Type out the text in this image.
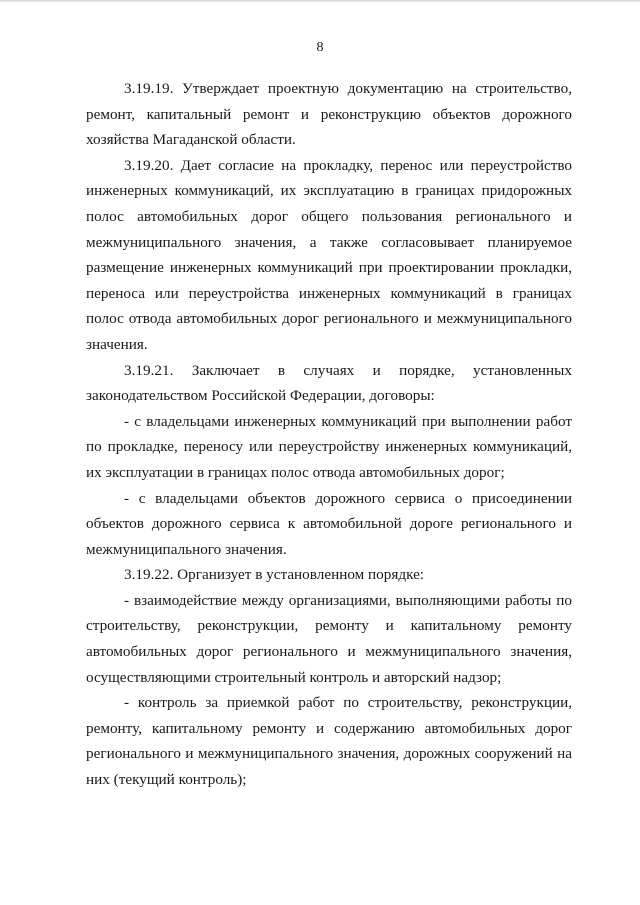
8

3.19.19. Утверждает проектную документацию на строительство, ремонт, капитальный ремонт и реконструкцию объектов дорожного хозяйства Магаданской области.

3.19.20. Дает согласие на прокладку, перенос или переустройство инженерных коммуникаций, их эксплуатацию в границах придорожных полос автомобильных дорог общего пользования регионального и межмуниципального значения, а также согласовывает планируемое размещение инженерных коммуникаций при проектировании прокладки, переноса или переустройства инженерных коммуникаций в границах полос отвода автомобильных дорог регионального и межмуниципального значения.

3.19.21. Заключает в случаях и порядке, установленных законодательством Российской Федерации, договоры:

- с владельцами инженерных коммуникаций при выполнении работ по прокладке, переносу или переустройству инженерных коммуникаций, их эксплуатации в границах полос отвода автомобильных дорог;

- с владельцами объектов дорожного сервиса о присоединении объектов дорожного сервиса к автомобильной дороге регионального и межмуниципального значения.

3.19.22. Организует в установленном порядке:

- взаимодействие между организациями, выполняющими работы по строительству, реконструкции, ремонту и капитальному ремонту автомобильных дорог регионального и межмуниципального значения, осуществляющими строительный контроль и авторский надзор;

- контроль за приемкой работ по строительству, реконструкции, ремонту, капитальному ремонту и содержанию автомобильных дорог регионального и межмуниципального значения, дорожных сооружений на них (текущий контроль);
